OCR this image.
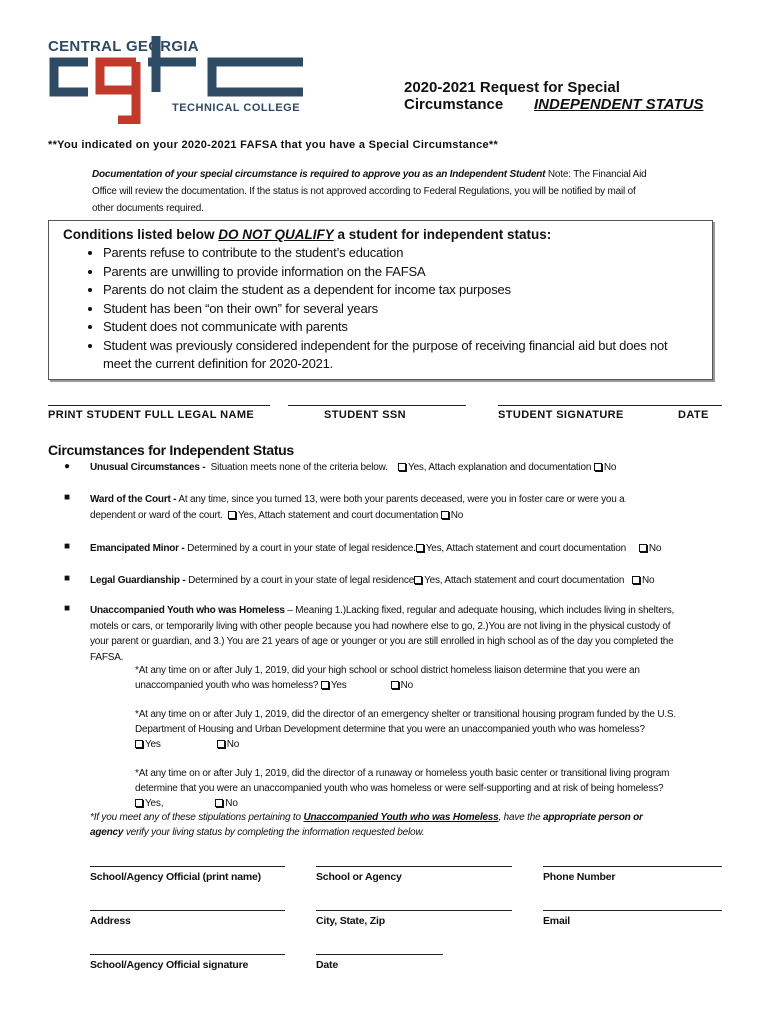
CENTRAL GEORGIA
TECHNICAL COLLEGE
2020-2021 Request for Special
Circumstance INDEPENDENT STATUS
**You indicated on your 2020-2021 FAFSA that you have a Special Circumstance**
Documentation of your special circumstance is required to approve you as an Independent Student Note: The Financial Aid
Office will review the documentation. If the status is not approved according to Federal Regulations, you will be notified by mail of
other documents required.
Conditions listed below DO NOT QUALIFY a student for independent status:
• Parents refuse to contribute to the student’s education
• Parents are unwilling to provide information on the FAFSA
• Parents do not claim the student as a dependent for income tax purposes
• Student has been “on their own” for several years
• Student does not communicate with parents
• Student was previously considered independent for the purpose of receiving financial aid but does not meet the current definition for 2020-2021.
PRINT STUDENT FULL LEGAL NAME	STUDENT SSN	STUDENT SIGNATURE	DATE
Circumstances for Independent Status
● Unusual Circumstances - Situation meets none of the criteria below. Yes, Attach explanation and documentation No
■ Ward of the Court - At any time, since you turned 13, were both your parents deceased, were you in foster care or were you a
dependent or ward of the court. Yes, Attach statement and court documentation No
■ Emancipated Minor - Determined by a court in your state of legal residence. Yes, Attach statement and court documentation No
■ Legal Guardianship - Determined by a court in your state of legal residence Yes, Attach statement and court documentation No
■ Unaccompanied Youth who was Homeless – Meaning 1.)Lacking fixed, regular and adequate housing, which includes living in shelters,
motels or cars, or temporarily living with other people because you had nowhere else to go, 2.)You are not living in the physical custody of
your parent or guardian, and 3.) You are 21 years of age or younger or you are still enrolled in high school as of the day you completed the
FAFSA.
*At any time on or after July 1, 2019, did your high school or school district homeless liaison determine that you were an
unaccompanied youth who was homeless? Yes	No
*At any time on or after July 1, 2019, did the director of an emergency shelter or transitional housing program funded by the U.S.
Department of Housing and Urban Development determine that you were an unaccompanied youth who was homeless?
Yes	No
*At any time on or after July 1, 2019, did the director of a runaway or homeless youth basic center or transitional living program
determine that you were an unaccompanied youth who was homeless or were self-supporting and at risk of being homeless?
Yes,	No
*If you meet any of these stipulations pertaining to Unaccompanied Youth who was Homeless, have the appropriate person or
agency verify your living status by completing the information requested below.
School/Agency Official (print name)	School or Agency	Phone Number
Address	City, State, Zip	Email
School/Agency Official signature	Date
